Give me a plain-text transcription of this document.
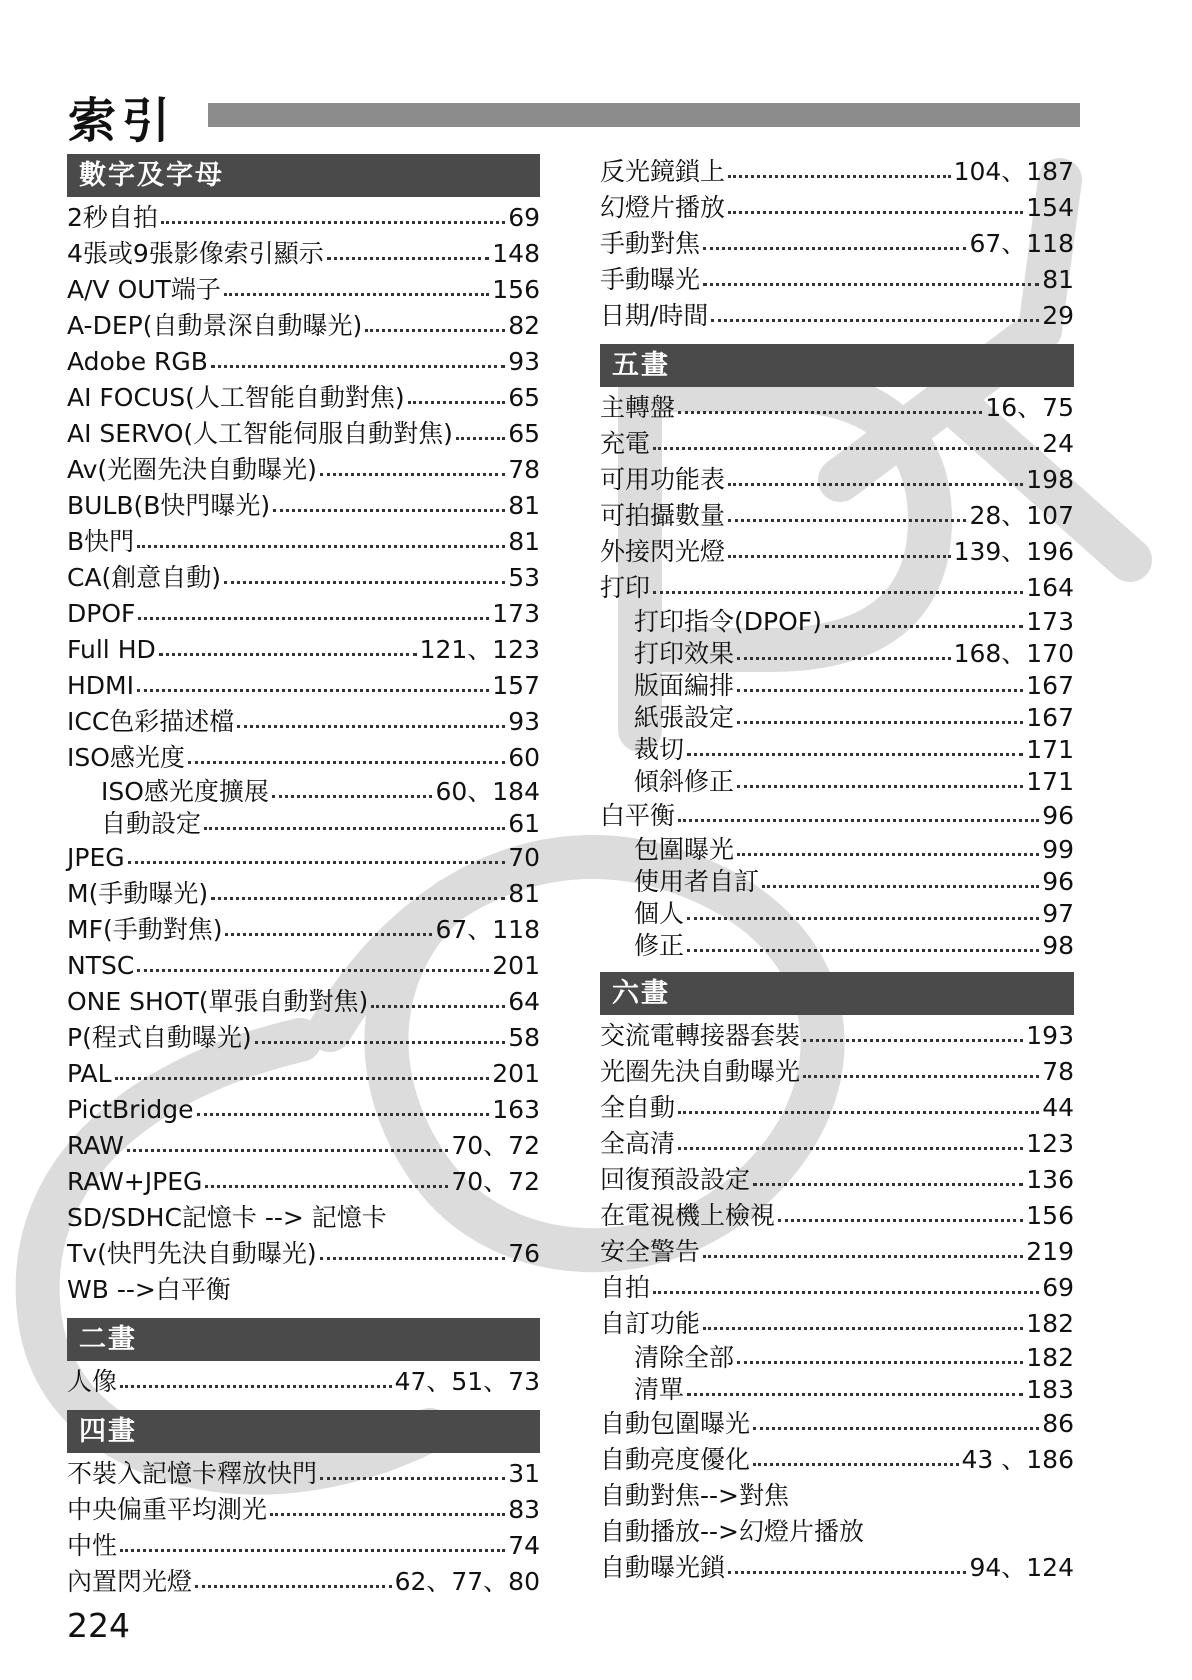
索引
數字及字母
2秒自拍	69
4張或9張影像索引顯示	148
A/V OUT端子	156
A-DEP(自動景深自動曝光)	82
Adobe RGB	93
AI FOCUS(人工智能自動對焦)	65
AI SERVO(人工智能伺服自動對焦) 65
Av(光圈先決自動曝光)	78
BULB(B快門曝光)	81
B快門	81
CA(創意自動)	53
DPOF	173
Full HD	121、123
HDMI	157
ICC色彩描述檔	93
ISO感光度	60
ISO感光度擴展	60、184
自動設定	61
JPEG	70
M(手動曝光)	81
MF(手動對焦)	67、118
NTSC	201
ONE SHOT(單張自動對焦)	64
P(程式自動曝光)	58
PAL	201
PictBridge	163
RAW	70、72
RAW+JPEG	70、72
SD/SDHC記憶卡 --> 記憶卡
Tv(快門先決自動曝光)	76
WB -->白平衡
二畫
人像	47、51、73
四畫
不裝入記憶卡釋放快門	31
中央偏重平均測光	83
中性	74
內置閃光燈	62、77、80
反光鏡鎖上	104、187
幻燈片播放	154
手動對焦	67、118
手動曝光	81
日期/時間	29
五畫
主轉盤	16、75
充電	24
可用功能表	198
可拍攝數量	28、107
外接閃光燈	139、196
打印	164
打印指令(DPOF)	173
打印效果	168、170
版面編排	167
紙張設定	167
裁切	171
傾斜修正	171
白平衡	96
包圍曝光	99
使用者自訂	96
個人	97
修正	98
六畫
交流電轉接器套裝	193
光圈先決自動曝光	78
全自動	44
全高清	123
回復預設設定	136
在電視機上檢視	156
安全警告	219
自拍	69
自訂功能	182
清除全部	182
清單	183
自動包圍曝光	86
自動亮度優化	43 、186
自動對焦-->對焦
自動播放-->幻燈片播放
自動曝光鎖	94、124
224
